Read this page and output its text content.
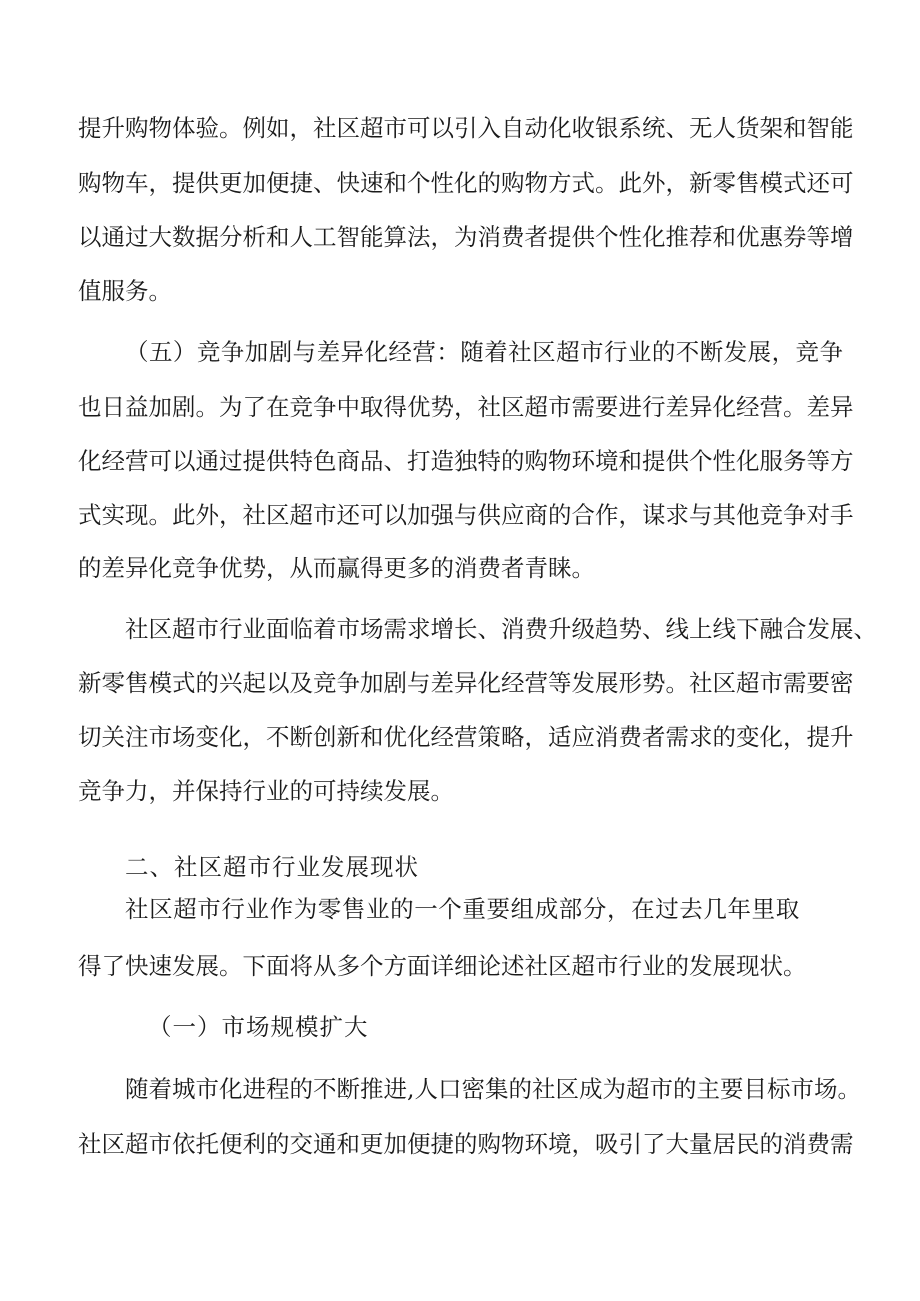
提升购物体验。例如，社区超市可以引入自动化收银系统、无人货架和智能
购物车，提供更加便捷、快速和个性化的购物方式。此外，新零售模式还可
以通过大数据分析和人工智能算法，为消费者提供个性化推荐和优惠券等增
值服务。
（五）竞争加剧与差异化经营：随着社区超市行业的不断发展，竞争
也日益加剧。为了在竞争中取得优势，社区超市需要进行差异化经营。差异
化经营可以通过提供特色商品、打造独特的购物环境和提供个性化服务等方
式实现。此外，社区超市还可以加强与供应商的合作，谋求与其他竞争对手
的差异化竞争优势，从而赢得更多的消费者青睐。
社区超市行业面临着市场需求增长、消费升级趋势、线上线下融合发展、
新零售模式的兴起以及竞争加剧与差异化经营等发展形势。社区超市需要密
切关注市场变化，不断创新和优化经营策略，适应消费者需求的变化，提升
竞争力，并保持行业的可持续发展。
二、社区超市行业发展现状
社区超市行业作为零售业的一个重要组成部分，在过去几年里取
得了快速发展。下面将从多个方面详细论述社区超市行业的发展现状。
（一）市场规模扩大
随着城市化进程的不断推进,人口密集的社区成为超市的主要目标市场。
社区超市依托便利的交通和更加便捷的购物环境，吸引了大量居民的消费需
